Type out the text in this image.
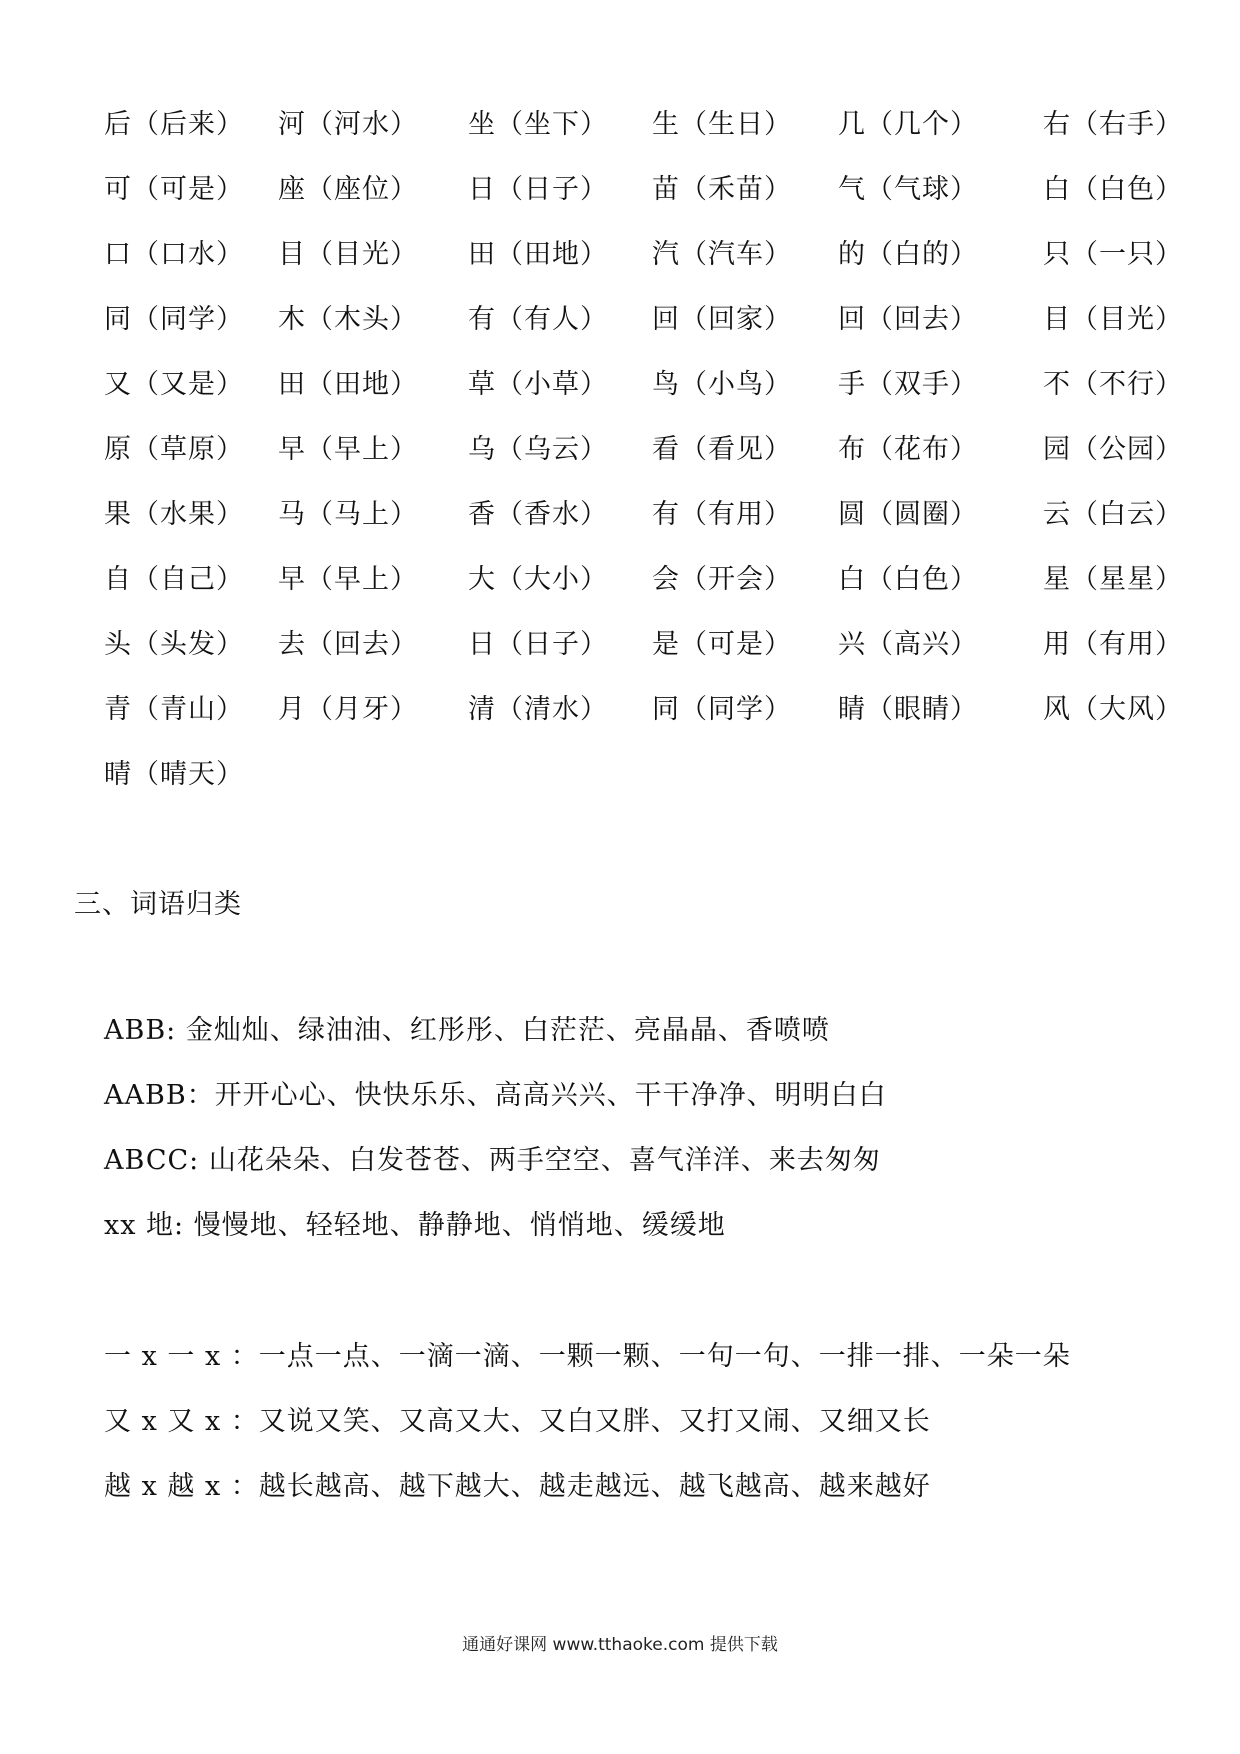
后（后来）	河（河水）	坐（坐下）	生（生日）	几（几个）	右（右手）
可（可是）	座（座位）	日（日子）	苗（禾苗）	气（气球）	白（白色）
口（口水）	目（目光）	田（田地）	汽（汽车）	的（白的）	只（一只）
同（同学）	木（木头）	有（有人）	回（回家）	回（回去）	目（目光）
又（又是）	田（田地）	草（小草）	鸟（小鸟）	手（双手）	不（不行）
原（草原）	早（早上）	乌（乌云）	看（看见）	布（花布）	园（公园）
果（水果）	马（马上）	香（香水）	有（有用）	圆（圆圈）	云（白云）
自（自己）	早（早上）	大（大小）	会（开会）	白（白色）	星（星星）
头（头发）	去（回去）	日（日子）	是（可是）	兴（高兴）	用（有用）
青（青山）	月（月牙）	清（清水）	同（同学）	睛（眼睛）	风（大风）
晴（晴天）
三、词语归类
ABB: 金灿灿、绿油油、红彤彤、白茫茫、亮晶晶、香喷喷
AABB：开开心心、快快乐乐、高高兴兴、干干净净、明明白白
ABCC: 山花朵朵、白发苍苍、两手空空、喜气洋洋、来去匆匆
xx 地: 慢慢地、轻轻地、静静地、悄悄地、缓缓地
一 x 一 x ：一点一点、一滴一滴、一颗一颗、一句一句、一排一排、一朵一朵
又 x 又 x ：又说又笑、又高又大、又白又胖、又打又闹、又细又长
越 x 越 x ：越长越高、越下越大、越走越远、越飞越高、越来越好
通通好课网 www.tthaoke.com 提供下载
